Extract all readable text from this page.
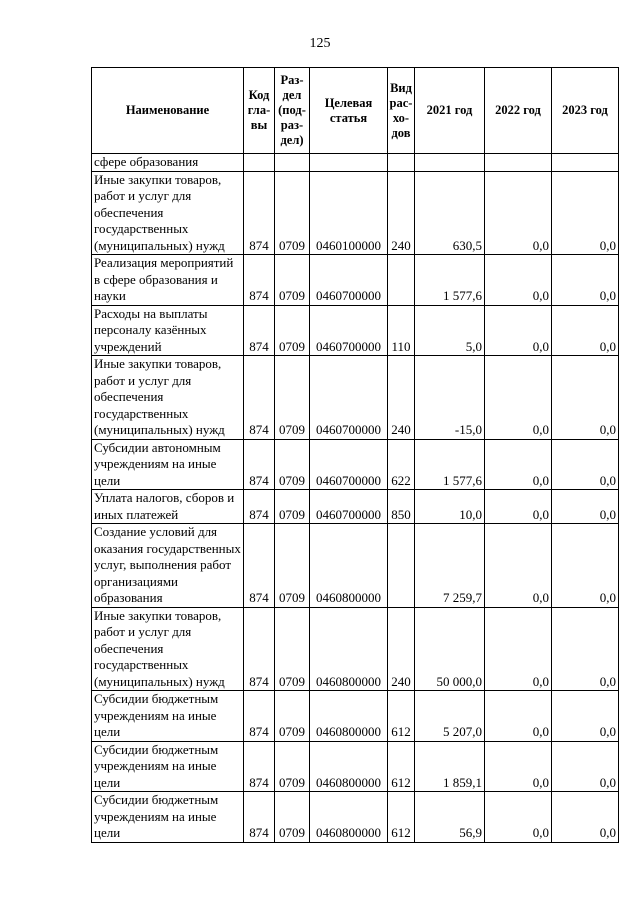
125
Наименование	Код гла-вы	Раз-дел (под-раз-дел)	Целевая статья	Вид рас-хо-дов	2021 год	2022 год	2023 год
сфере образования							
Иные закупки товаров, работ и услуг для обеспечения государственных (муниципальных) нужд	874	0709	0460100000	240	630,5	0,0	0,0
Реализация мероприятий в сфере образования и науки	874	0709	0460700000		1 577,6	0,0	0,0
Расходы на выплаты персоналу казённых учреждений	874	0709	0460700000	110	5,0	0,0	0,0
Иные закупки товаров, работ и услуг для обеспечения государственных (муниципальных) нужд	874	0709	0460700000	240	-15,0	0,0	0,0
Субсидии автономным учреждениям на иные цели	874	0709	0460700000	622	1 577,6	0,0	0,0
Уплата налогов, сборов и иных платежей	874	0709	0460700000	850	10,0	0,0	0,0
Создание условий для оказания государственных услуг, выполнения работ организациями образования	874	0709	0460800000		7 259,7	0,0	0,0
Иные закупки товаров, работ и услуг для обеспечения государственных (муниципальных) нужд	874	0709	0460800000	240	50 000,0	0,0	0,0
Субсидии бюджетным учреждениям на иные цели	874	0709	0460800000	612	5 207,0	0,0	0,0
Субсидии бюджетным учреждениям на иные цели	874	0709	0460800000	612	1 859,1	0,0	0,0
Субсидии бюджетным учреждениям на иные цели	874	0709	0460800000	612	56,9	0,0	0,0
